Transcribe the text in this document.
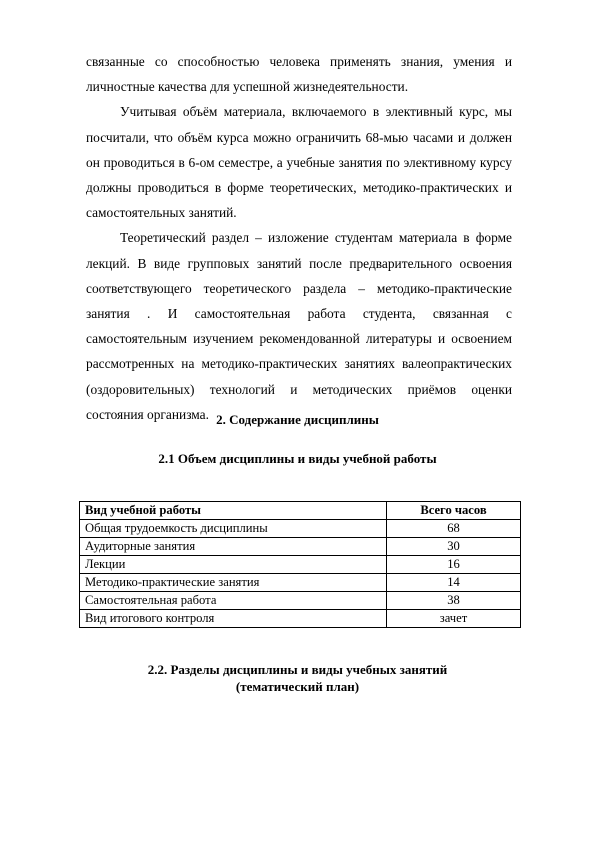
связанные со способностью человека применять знания, умения и личностные качества для успешной жизнедеятельности.

Учитывая объём материала, включаемого в элективный курс, мы посчитали, что объём курса можно ограничить 68-мью часами и должен он проводиться в 6-ом семестре, а учебные занятия по элективному курсу должны проводиться в форме теоретических, методико-практических и самостоятельных занятий.

Теоретический раздел – изложение студентам материала в форме лекций. В виде групповых занятий после предварительного освоения соответствующего теоретического раздела – методико-практические занятия . И самостоятельная работа студента, связанная с самостоятельным изучением рекомендованной литературы и освоением рассмотренных на методико-практических занятиях валеопрактических (оздоровительных) технологий и методических приёмов оценки состояния организма. 2. Содержание дисциплины
2.1 Объем дисциплины и виды учебной работы
Вид учебной работы	Всего часов
Общая трудоемкость дисциплины	68
Аудиторные занятия	30
Лекции	16
Методико-практические занятия	14
Самостоятельная работа	38
Вид итогового контроля	зачет
2.2. Разделы дисциплины и виды учебных занятий
(тематический план)
